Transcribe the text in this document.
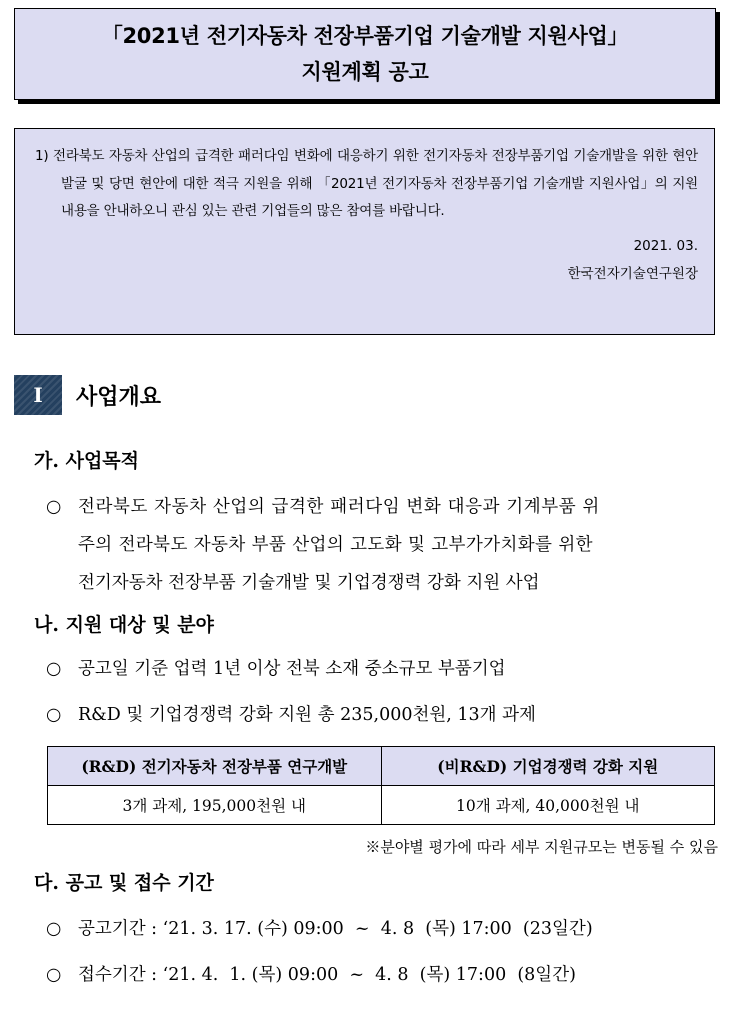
「2021년 전기자동차 전장부품기업 기술개발 지원사업」
지원계획 공고
1) 전라북도 자동차 산업의 급격한 패러다임 변화에 대응하기 위한 전기자동차 전장부품기업 기술개발을 위한 현안 발굴 및 당면 현안에 대한 적극 지원을 위해 「2021년 전기자동차 전장부품기업 기술개발 지원사업」의 지원내용을 안내하오니 관심 있는 관련 기업들의 많은 참여를 바랍니다.
2021. 03.
한국전자기술연구원장
I	사업개요
가. 사업목적
○ 전라북도 자동차 산업의 급격한 패러다임 변화 대응과 기계부품 위
주의 전라북도 자동차 부품 산업의 고도화 및 고부가가치화를 위한
전기자동차 전장부품 기술개발 및 기업경쟁력 강화 지원 사업
나. 지원 대상 및 분야
○ 공고일 기준 업력 1년 이상 전북 소재 중소규모 부품기업
○ R&D 및 기업경쟁력 강화 지원 총 235,000천원, 13개 과제
(R&D) 전기자동차 전장부품 연구개발	(비R&D) 기업경쟁력 강화 지원
3개 과제, 195,000천원 내	10개 과제, 40,000천원 내
※분야별 평가에 따라 세부 지원규모는 변동될 수 있음
다. 공고 및 접수 기간
○ 공고기간 : ‘21. 3. 17. (수) 09:00  ~  4. 8  (목) 17:00  (23일간)
○ 접수기간 : ‘21. 4.  1. (목) 09:00  ~  4. 8  (목) 17:00  (8일간)
